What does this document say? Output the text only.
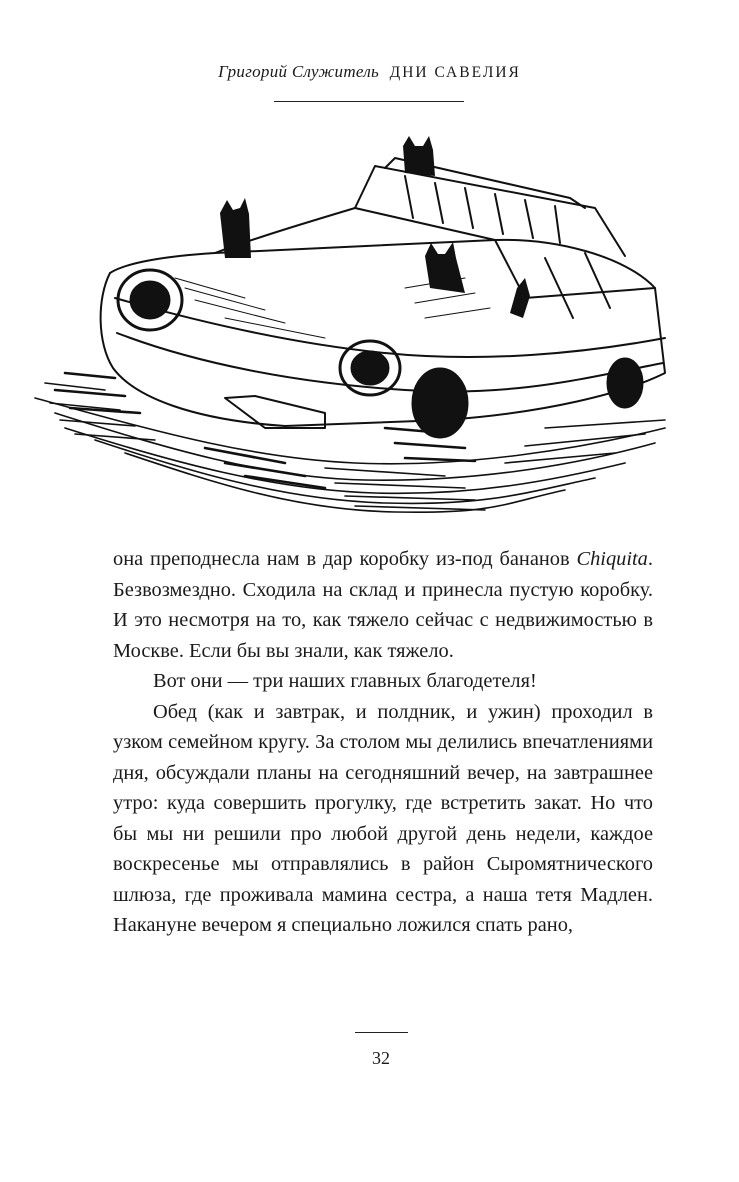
Григорий Служитель ДНИ САВЕЛИЯ

она преподнесла нам в дар коробку из-под бананов Chiquita. Безвозмездно. Сходила на склад и принесла пустую коробку. И это несмотря на то, как тяжело сейчас с недвижимостью в Москве. Если бы вы знали, как тяжело.

Вот они — три наших главных благодетеля!

Обед (как и завтрак, и полдник, и ужин) проходил в узком семейном кругу. За столом мы делились впечатлениями дня, обсуждали планы на сегодняшний вечер, на завтрашнее утро: куда совершить прогулку, где встретить закат. Но что бы мы ни решили про любой другой день недели, каждое воскресенье мы отправлялись в район Сыромятнического шлюза, где проживала мамина сестра, а наша тетя Мадлен. Накануне вечером я специально ложился спать рано,

32
